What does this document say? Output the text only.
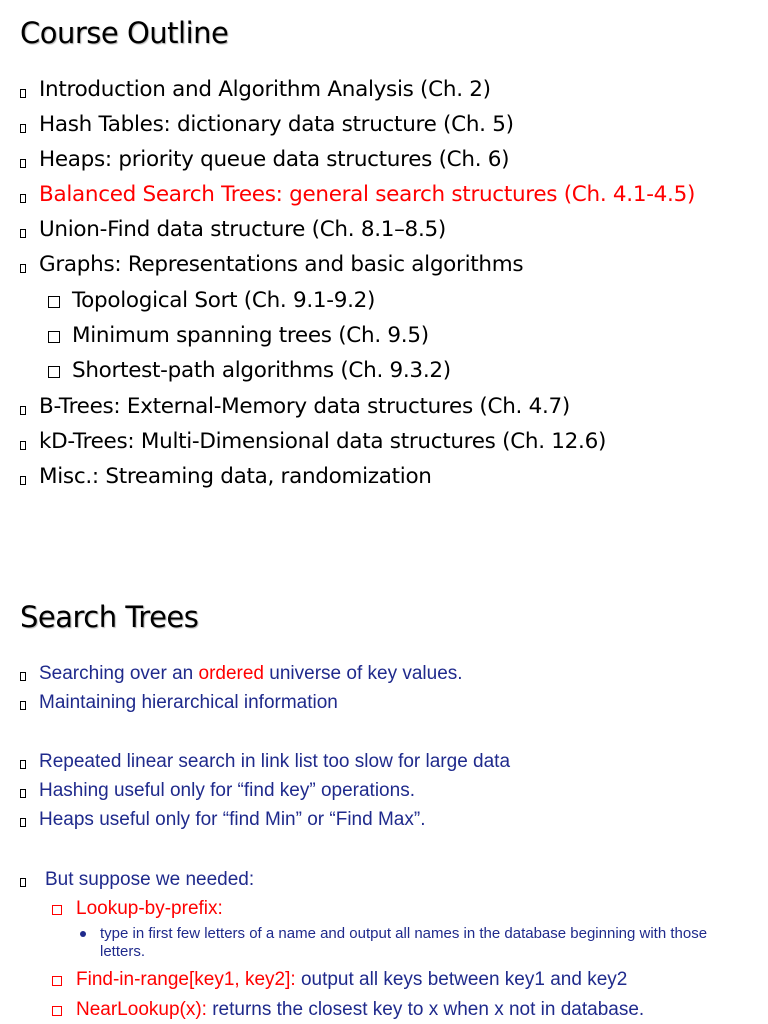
Course Outline
Introduction and Algorithm Analysis (Ch. 2)
Hash Tables: dictionary data structure (Ch. 5)
Heaps: priority queue data structures (Ch. 6)
Balanced Search Trees: general search structures (Ch. 4.1-4.5)
Union-Find data structure (Ch. 8.1–8.5)
Graphs: Representations and basic algorithms
Topological Sort (Ch. 9.1-9.2)
Minimum spanning trees (Ch. 9.5)
Shortest-path algorithms (Ch. 9.3.2)
B-Trees: External-Memory data structures (Ch. 4.7)
kD-Trees: Multi-Dimensional data structures (Ch. 12.6)
Misc.: Streaming data, randomization
Search Trees
Searching over an ordered universe of key values.
Maintaining hierarchical information
Repeated linear search in link list too slow for large data
Hashing useful only for “find key” operations.
Heaps useful only for “find Min” or “Find Max”.
But suppose we needed:
Lookup-by-prefix:
type in first few letters of a name and output all names in the database beginning with those letters.
Find-in-range[key1, key2]: output all keys between key1 and key2
NearLookup(x): returns the closest key to x when x not in database.
